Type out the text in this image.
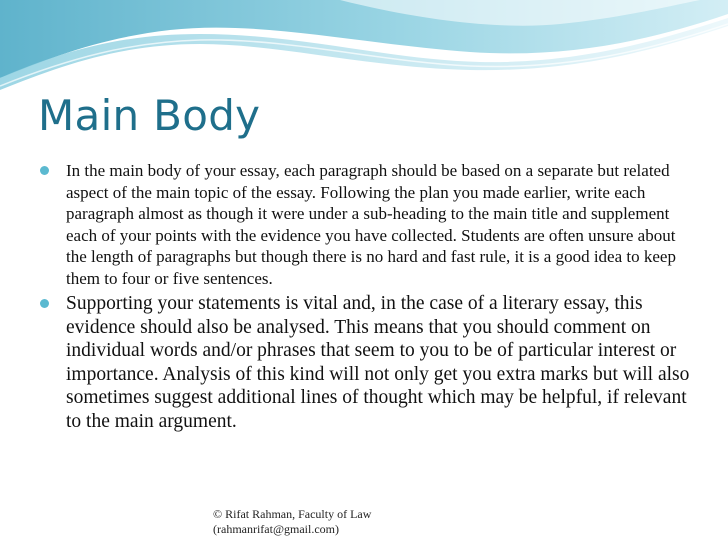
Main Body
In the main body of your essay, each paragraph should be based on a separate but related aspect of the main topic of the essay. Following the plan you made earlier, write each paragraph almost as though it were under a sub-heading to the main title and supplement each of your points with the evidence you have collected. Students are often unsure about the length of paragraphs but though there is no hard and fast rule, it is a good idea to keep them to four or five sentences.
Supporting your statements is vital and, in the case of a literary essay, this evidence should also be analysed. This means that you should comment on individual words and/or phrases that seem to you to be of particular interest or importance. Analysis of this kind will not only get you extra marks but will also sometimes suggest additional lines of thought which may be helpful, if relevant to the main argument.
© Rifat Rahman, Faculty of Law
(rahmanrifat@gmail.com)
